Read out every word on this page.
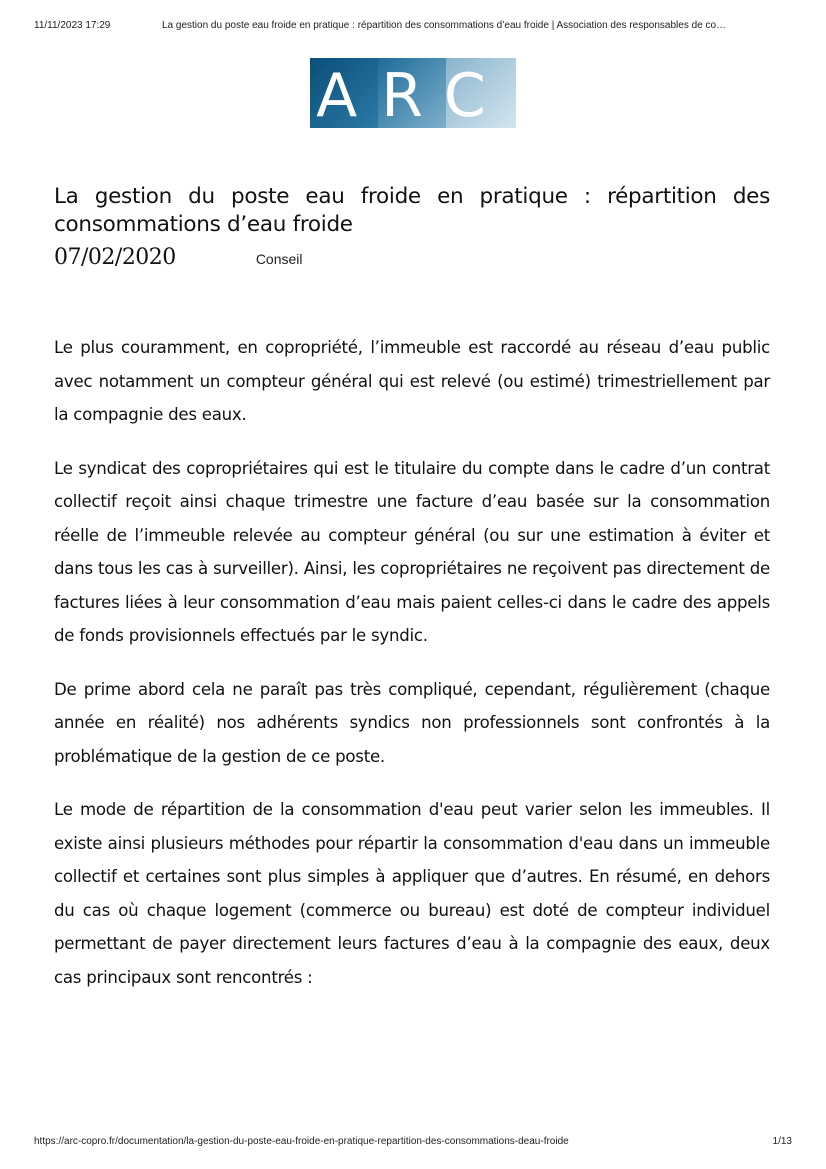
11/11/2023 17:29	La gestion du poste eau froide en pratique : répartition des consommations d’eau froide | Association des responsables de co…
ARC
La gestion du poste eau froide en pratique : répartition des consommations d’eau froide
07/02/2020	Conseil

Le plus couramment, en copropriété, l’immeuble est raccordé au réseau d’eau public avec notamment un compteur général qui est relevé (ou estimé) trimestriellement par la compagnie des eaux.

Le syndicat des copropriétaires qui est le titulaire du compte dans le cadre d’un contrat collectif reçoit ainsi chaque trimestre une facture d’eau basée sur la consommation réelle de l’immeuble relevée au compteur général (ou sur une estimation à éviter et dans tous les cas à surveiller). Ainsi, les copropriétaires ne reçoivent pas directement de factures liées à leur consommation d’eau mais paient celles-ci dans le cadre des appels de fonds provisionnels effectués par le syndic.

De prime abord cela ne paraît pas très compliqué, cependant, régulièrement (chaque année en réalité) nos adhérents syndics non professionnels sont confrontés à la problématique de la gestion de ce poste.

Le mode de répartition de la consommation d'eau peut varier selon les immeubles. Il existe ainsi plusieurs méthodes pour répartir la consommation d'eau dans un immeuble collectif et certaines sont plus simples à appliquer que d’autres. En résumé, en dehors du cas où chaque logement (commerce ou bureau) est doté de compteur individuel permettant de payer directement leurs factures d’eau à la compagnie des eaux, deux cas principaux sont rencontrés :

https://arc-copro.fr/documentation/la-gestion-du-poste-eau-froide-en-pratique-repartition-des-consommations-deau-froide	1/13
